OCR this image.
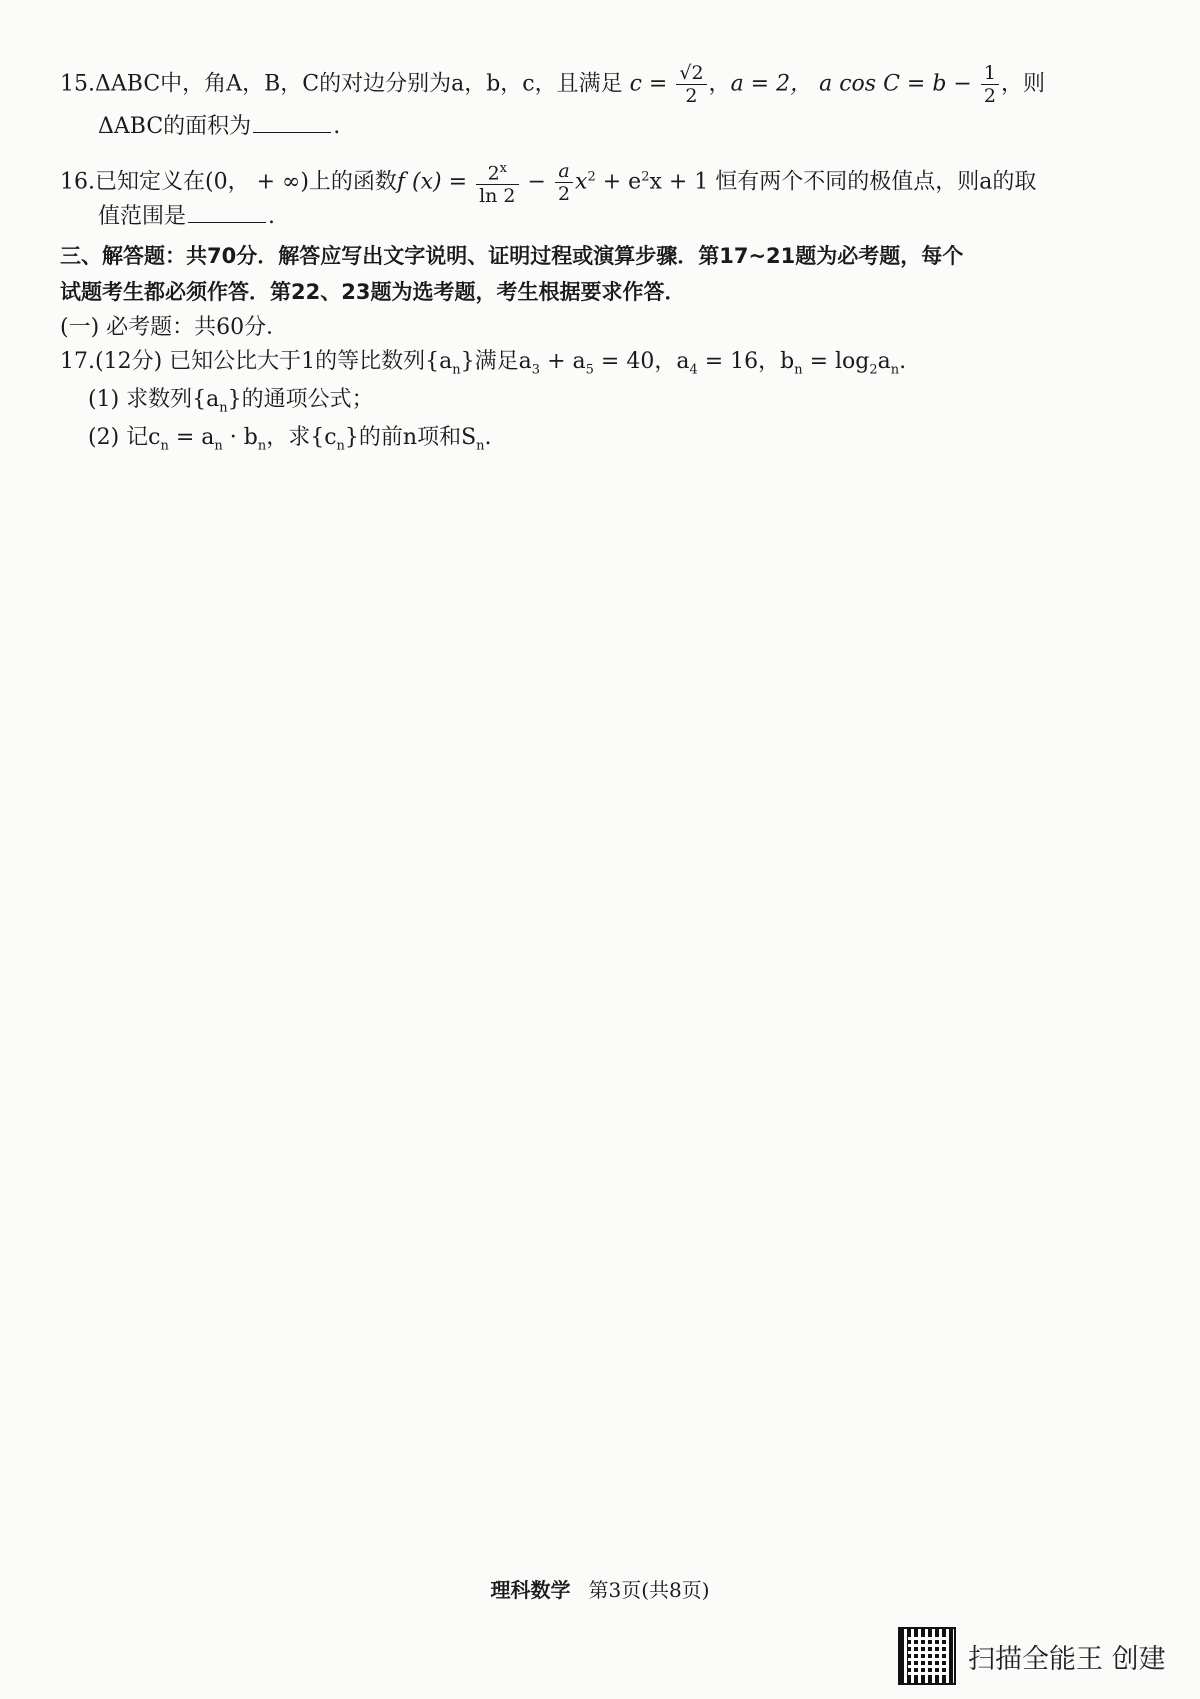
15.ΔABC中，角A，B，C的对边分别为a，b，c，且满足 $c = \frac{√2}{2}$ ，a = 2， a $\cos C = b - \frac{1}{2}$ ，则
ΔABC的面积为	.
16.已知定义在(0， + ∞)上的函数f $(x) = \frac{2^x}{\ln 2} - \frac{a}{2} x^2 + e^2x + 1$ 恒有两个不同的极值点，则a的取
值范围是	.
三、解答题：共70分．解答应写出文字说明、证明过程或演算步骤．第17~21题为必考题，每个
试题考生都必须作答．第22、23题为选考题，考生根据要求作答．
(一) 必考题：共60分．
17.(12分) 已知公比大于1的等比数列$\{a_n\}$满足$a_3 + a_5 = 40$，$a_4 = 16$，$b_n = \log_2a_n$.
(1) 求数列$\{a_n\}$的通项公式；
(2) 记$c_n = a_n \cdot b_n$，求$\{c_n\}$的前n项和$S_n$.
理科数学 第3页(共8页)
扫描全能王 创建
